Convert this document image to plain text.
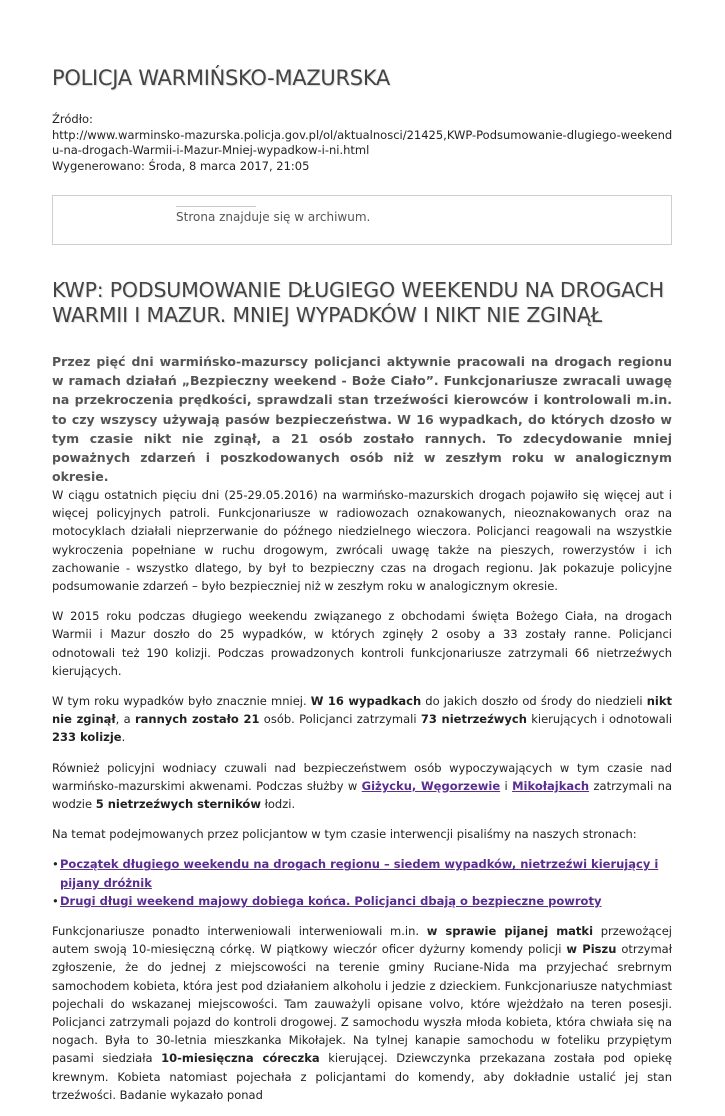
POLICJA WARMIŃSKO-MAZURSKA
Źródło:
http://www.warminsko-mazurska.policja.gov.pl/ol/aktualnosci/21425,KWP-Podsumowanie-dlugiego-weekendu-na-drogach-Warmii-i-Mazur-Mniej-wypadkow-i-ni.html
Wygenerowano: Środa, 8 marca 2017, 21:05
Strona znajduje się w archiwum.
KWP: PODSUMOWANIE DŁUGIEGO WEEKENDU NA DROGACH WARMII I MAZUR. MNIEJ WYPADKÓW I NIKT NIE ZGINĄŁ

Przez pięć dni warmińsko-mazurscy policjanci aktywnie pracowali na drogach regionu w ramach działań „Bezpieczny weekend - Boże Ciało”. Funkcjonariusze zwracali uwagę na przekroczenia prędkości, sprawdzali stan trzeźwości kierowców i kontrolowali m.in. to czy wszyscy używają pasów bezpieczeństwa. W 16 wypadkach, do których dzosło w tym czasie nikt nie zginął, a 21 osób zostało rannych. To zdecydowanie mniej poważnych zdarzeń i poszkodowanych osób niż w zeszłym roku w analogicznym okresie.

W ciągu ostatnich pięciu dni (25-29.05.2016) na warmińsko-mazurskich drogach pojawiło się więcej aut i więcej policyjnych patroli. Funkcjonariusze w radiowozach oznakowanych, nieoznakowanych oraz na motocyklach działali nieprzerwanie do późnego niedzielnego wieczora. Policjanci reagowali na wszystkie wykroczenia popełniane w ruchu drogowym, zwrócali uwagę także na pieszych, rowerzystów i ich zachowanie - wszystko dlatego, by był to bezpieczny czas na drogach regionu. Jak pokazuje policyjne podsumowanie zdarzeń – było bezpieczniej niż w zeszłym roku w analogicznym okresie.

W 2015 roku podczas długiego weekendu związanego z obchodami święta Bożego Ciała, na drogach Warmii i Mazur doszło do 25 wypadków, w których zginęły 2 osoby a 33 zostały ranne. Policjanci odnotowali też 190 kolizji. Podczas prowadzonych kontroli funkcjonariusze zatrzymali 66 nietrzeźwych kierujących.

W tym roku wypadków było znacznie mniej. W 16 wypadkach do jakich doszło od środy do niedzieli nikt nie zginął, a rannych zostało 21 osób. Policjanci zatrzymali 73 nietrzeźwych kierujących i odnotowali 233 kolizje.

Również policyjni wodniacy czuwali nad bezpieczeństwem osób wypoczywających w tym czasie nad warmińsko-mazurskimi akwenami. Podczas służby w Giżycku, Węgorzewie i Mikołajkach zatrzymali na wodzie 5 nietrzeźwych sterników łodzi.

Na temat podejmowanych przez policjantow w tym czasie interwencji pisaliśmy na naszych stronach:

• Początek długiego weekendu na drogach regionu – siedem wypadków, nietrzeźwi kierujący i pijany dróżnik
• Drugi długi weekend majowy dobiega końca. Policjanci dbają o bezpieczne powroty

Funkcjonariusze ponadto interweniowali interweniowali m.in. w sprawie pijanej matki przewożącej autem swoją 10-miesięczną córkę. W piątkowy wieczór oficer dyżurny komendy policji w Piszu otrzymał zgłoszenie, że do jednej z miejscowości na terenie gminy Ruciane-Nida ma przyjechać srebrnym samochodem kobieta, która jest pod działaniem alkoholu i jedzie z dzieckiem. Funkcjonariusze natychmiast pojechali do wskazanej miejscowości. Tam zauważyli opisane volvo, które wjeżdżało na teren posesji. Policjanci zatrzymali pojazd do kontroli drogowej. Z samochodu wyszła młoda kobieta, która chwiała się na nogach. Była to 30-letnia mieszkanka Mikołajek. Na tylnej kanapie samochodu w foteliku przypiętym pasami siedziała 10-miesięczna córeczka kierującej. Dziewczynka przekazana została pod opiekę krewnym. Kobieta natomiast pojechała z policjantami do komendy, aby dokładnie ustalić jej stan trzeźwości. Badanie wykazało ponad
